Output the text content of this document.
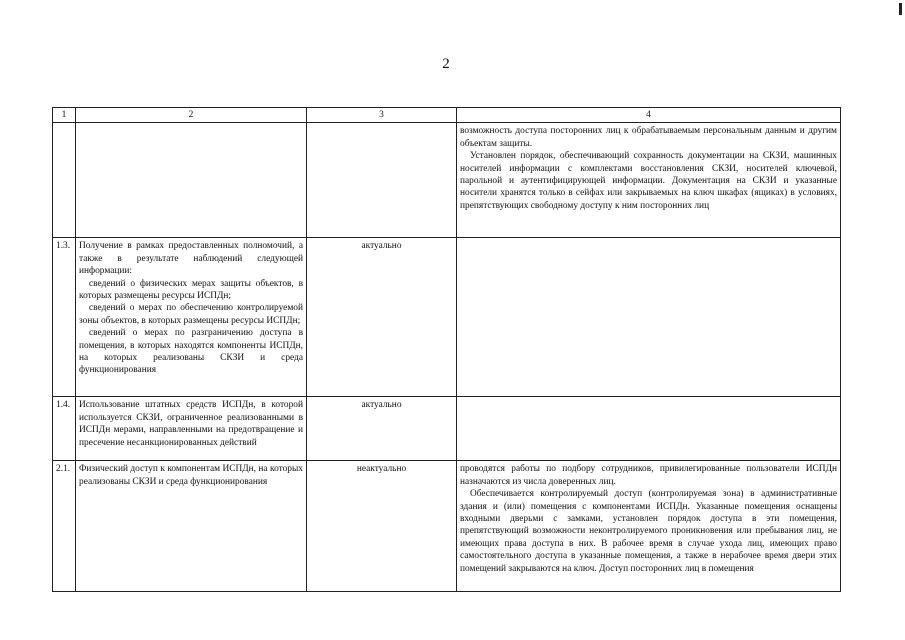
2
1	2	3	4

			возможность доступа посторонних лиц к обрабатываемым персональным данным и другим объектам защиты.

Установлен порядок, обеспечивающий сохранность документации на СКЗИ, машинных носителей информации с комплектами восстановления СКЗИ, носителей ключевой, парольной и аутентифицирующей информации. Документация на СКЗИ и указанные носители хранятся только в сейфах или закрываемых на ключ шкафах (ящиках) в условиях, препятствующих свободному доступу к ним посторонних лиц

1.3.	Получение в рамках предоставленных полномочий, а также в результате наблюдений следующей информации:

сведений о физических мерах защиты объектов, в которых размещены ресурсы ИСПДн;

сведений о мерах по обеспечению контролируемой зоны объектов, в которых размещены ресурсы ИСПДн;

сведений о мерах по разграничению доступа в помещения, в которых находятся компоненты ИСПДн, на которых реализованы СКЗИ и среда функционирования	актуально	
1.4.	Использование штатных средств ИСПДн, в которой используется СКЗИ, ограниченное реализованными в ИСПДн мерами, направленными на предотвращение и пресечение несанкционированных действий	актуально	
2.1.	Физический доступ к компонентам ИСПДн, на которых реализованы СКЗИ и среда функционирования	неактуально	проводятся работы по подбору сотрудников, привилегированные пользователи ИСПДн назначаются из числа доверенных лиц.

Обеспечивается контролируемый доступ (контролируемая зона) в административные здания и (или) помещения с компонентами ИСПДн. Указанные помещения оснащены входными дверьми с замками, установлен порядок доступа в эти помещения, препятствующий возможности неконтролируемого проникновения или пребывания лиц, не имеющих права доступа в них. В рабочее время в случае ухода лиц, имеющих право самостоятельного доступа в указанные помещения, а также в нерабочее время двери этих помещений закрываются на ключ. Доступ посторонних лиц в помещения
